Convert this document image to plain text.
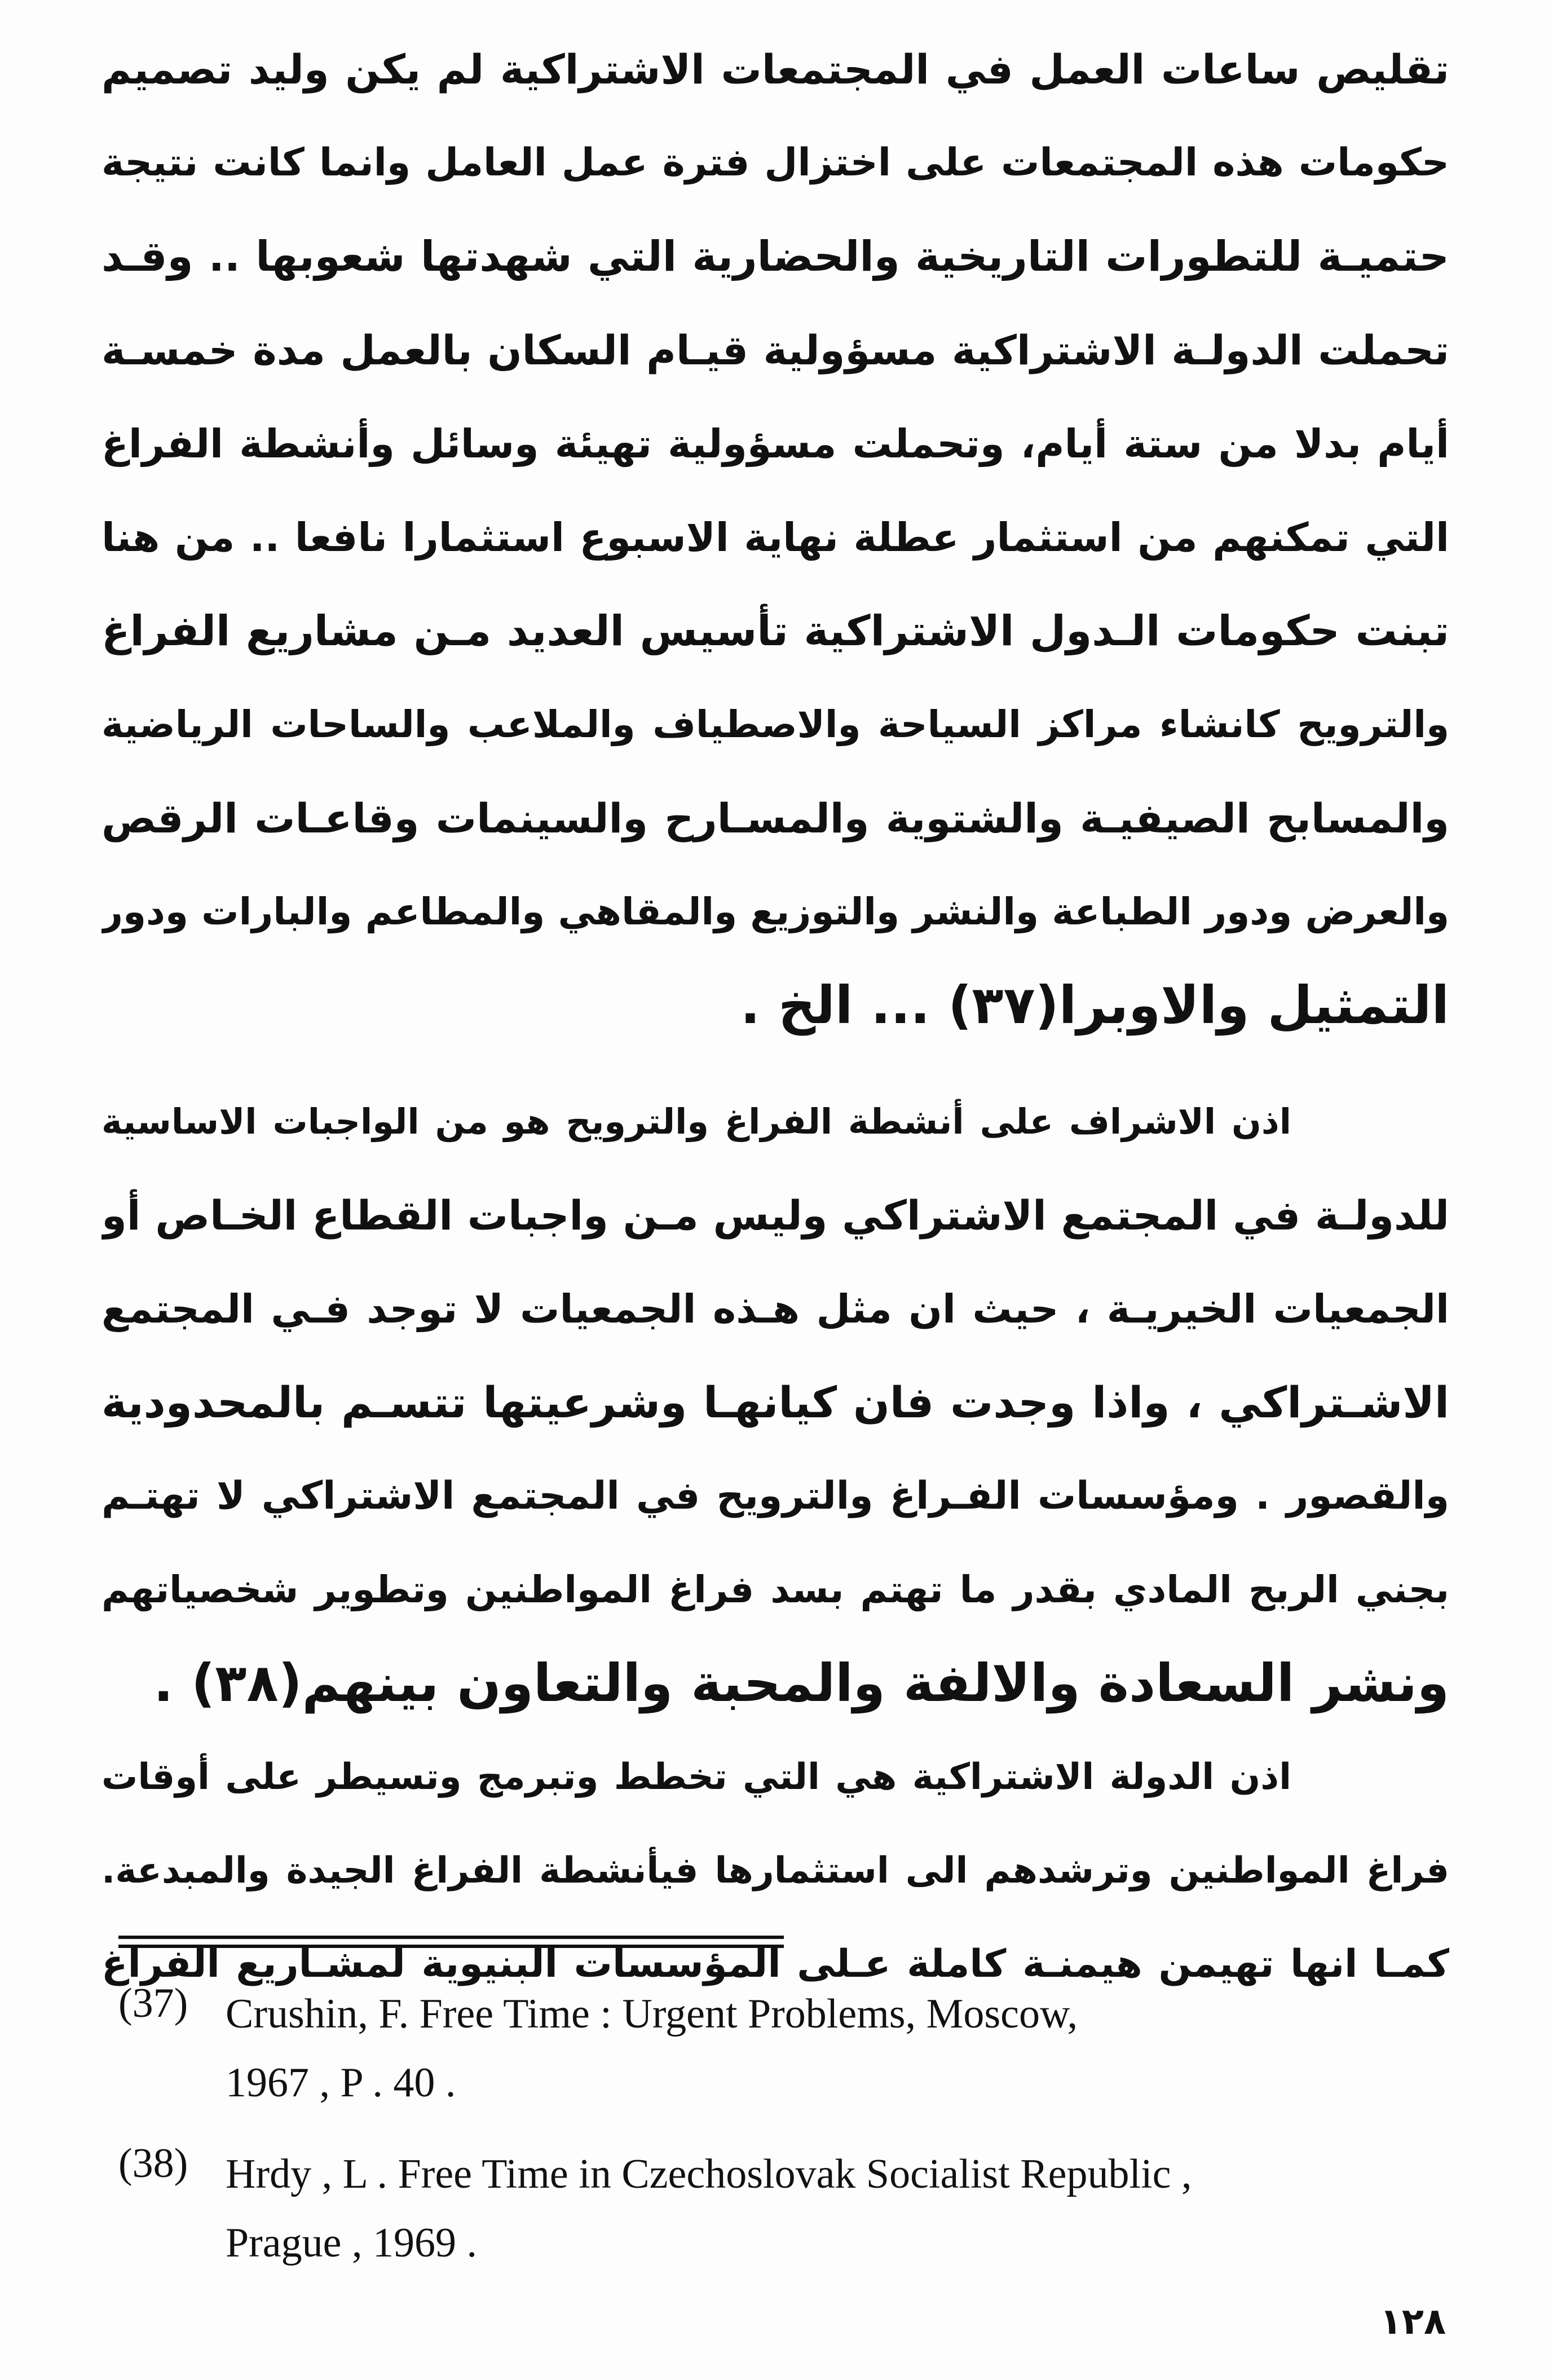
تقليص ساعات العمل في المجتمعات الاشتراكية لم يكن وليد تصميم
حكومات هذه المجتمعات على اختزال فترة عمل العامل وانما كانت نتيجة
حتميـة للتطورات التاريخية والحضارية التي شهدتها شعوبها .. وقـد
تحملت الدولـة الاشتراكية مسؤولية قيـام السكان بالعمل مدة خمسـة
أيام بدلا من ستة أيام، وتحملت مسؤولية تهيئة وسائل وأنشطة الفراغ
التي تمكنهم من استثمار عطلة نهاية الاسبوع استثمارا نافعا .. من هنا
تبنت حكومات الـدول الاشتراكية تأسيس العديد مـن مشاريع الفراغ
والترويح كانشاء مراكز السياحة والاصطياف والملاعب والساحات الرياضية
والمسابح الصيفيـة والشتوية والمسـارح والسينمات وقاعـات الرقص
والعرض ودور الطباعة والنشر والتوزيع والمقاهي والمطاعم والبارات ودور
التمثيل والاوبرا(٣٧) ... الخ .
اذن الاشراف على أنشطة الفراغ والترويح هو من الواجبات الاساسية
للدولـة في المجتمع الاشتراكي وليس مـن واجبات القطاع الخـاص أو
الجمعيات الخيريـة ، حيث ان مثل هـذه الجمعيات لا توجد فـي المجتمع
الاشـتراكي ، واذا وجدت فان كيانهـا وشرعيتها تتسـم بالمحدودية
والقصور . ومؤسسات الفـراغ والترويح في المجتمع الاشتراكي لا تهتـم
بجني الربح المادي بقدر ما تهتم بسد فراغ المواطنين وتطوير شخصياتهم
ونشر السعادة والالفة والمحبة والتعاون بينهم(٣٨) .
اذن الدولة الاشتراكية هي التي تخطط وتبرمج وتسيطر على أوقات
فراغ المواطنين وترشدهم الى استثمارها فيأنشطة الفراغ الجيدة والمبدعة.
كمـا انها تهيمن هيمنـة كاملة عـلى المؤسسات البنيوية لمشـاريع الفراغ
(37) Crushin, F. Free Time : Urgent Problems, Moscow,
1967 , P . 40 .
(38) Hrdy , L . Free Time in Czechoslovak Socialist Republic ,
Prague , 1969 .
١٢٨
